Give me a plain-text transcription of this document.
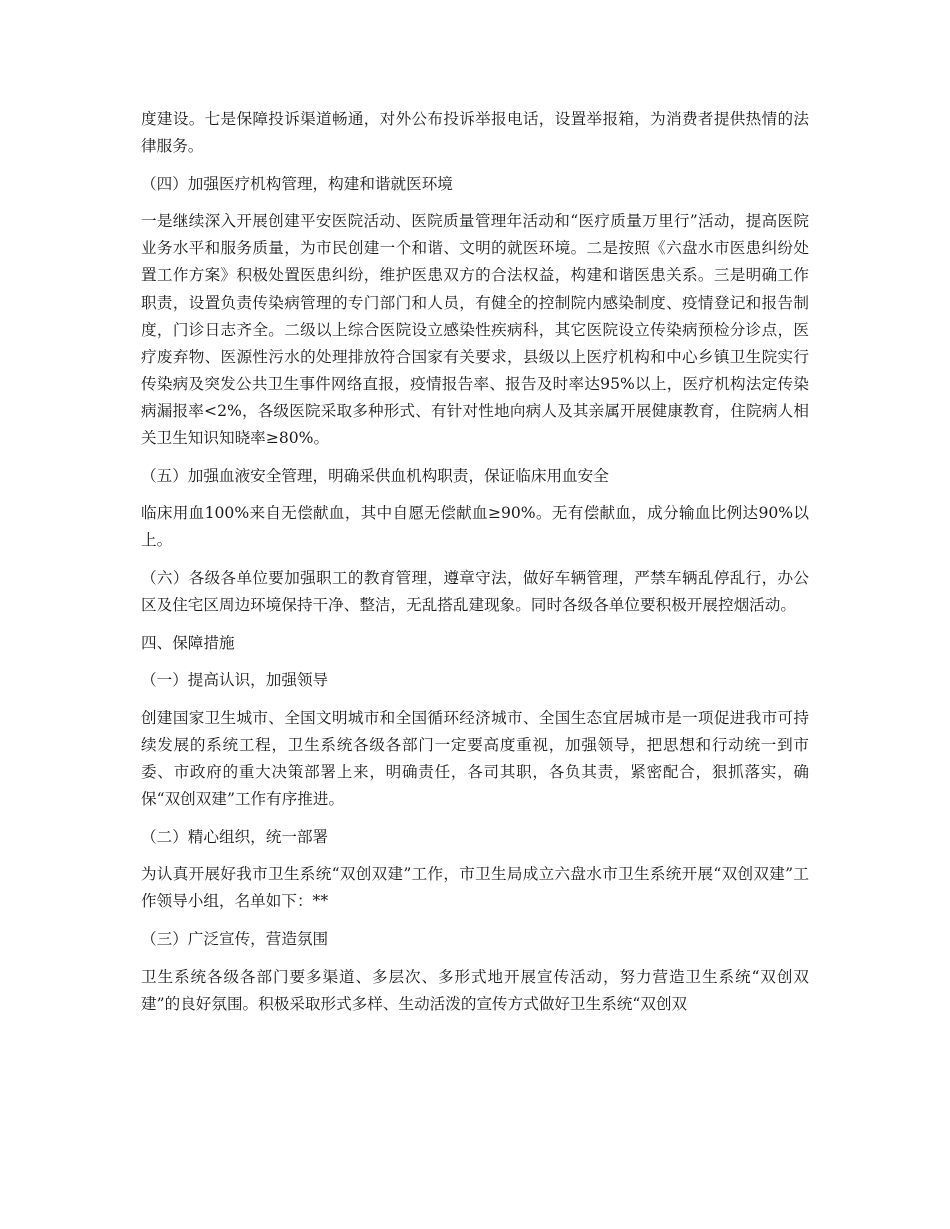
度建设。七是保障投诉渠道畅通，对外公布投诉举报电话，设置举报箱，为消费者提供热情的法律服务。

（四）加强医疗机构管理，构建和谐就医环境

一是继续深入开展创建平安医院活动、医院质量管理年活动和“医疗质量万里行”活动，提高医院业务水平和服务质量，为市民创建一个和谐、文明的就医环境。二是按照《六盘水市医患纠纷处置工作方案》积极处置医患纠纷，维护医患双方的合法权益，构建和谐医患关系。三是明确工作职责，设置负责传染病管理的专门部门和人员，有健全的控制院内感染制度、疫情登记和报告制度，门诊日志齐全。二级以上综合医院设立感染性疾病科，其它医院设立传染病预检分诊点，医疗废弃物、医源性污水的处理排放符合国家有关要求，县级以上医疗机构和中心乡镇卫生院实行传染病及突发公共卫生事件网络直报，疫情报告率、报告及时率达95%以上，医疗机构法定传染病漏报率<2%，各级医院采取多种形式、有针对性地向病人及其亲属开展健康教育，住院病人相关卫生知识知晓率≥80%。

（五）加强血液安全管理，明确采供血机构职责，保证临床用血安全

临床用血100%来自无偿献血，其中自愿无偿献血≥90%。无有偿献血，成分输血比例达90%以上。

（六）各级各单位要加强职工的教育管理，遵章守法，做好车辆管理，严禁车辆乱停乱行，办公区及住宅区周边环境保持干净、整洁，无乱搭乱建现象。同时各级各单位要积极开展控烟活动。

四、保障措施

（一）提高认识，加强领导

创建国家卫生城市、全国文明城市和全国循环经济城市、全国生态宜居城市是一项促进我市可持续发展的系统工程，卫生系统各级各部门一定要高度重视，加强领导，把思想和行动统一到市委、市政府的重大决策部署上来，明确责任，各司其职，各负其责，紧密配合，狠抓落实，确保“双创双建”工作有序推进。

（二）精心组织，统一部署

为认真开展好我市卫生系统“双创双建”工作，市卫生局成立六盘水市卫生系统开展“双创双建”工作领导小组，名单如下：**

（三）广泛宣传，营造氛围

卫生系统各级各部门要多渠道、多层次、多形式地开展宣传活动，努力营造卫生系统“双创双建”的良好氛围。积极采取形式多样、生动活泼的宣传方式做好卫生系统“双创双
